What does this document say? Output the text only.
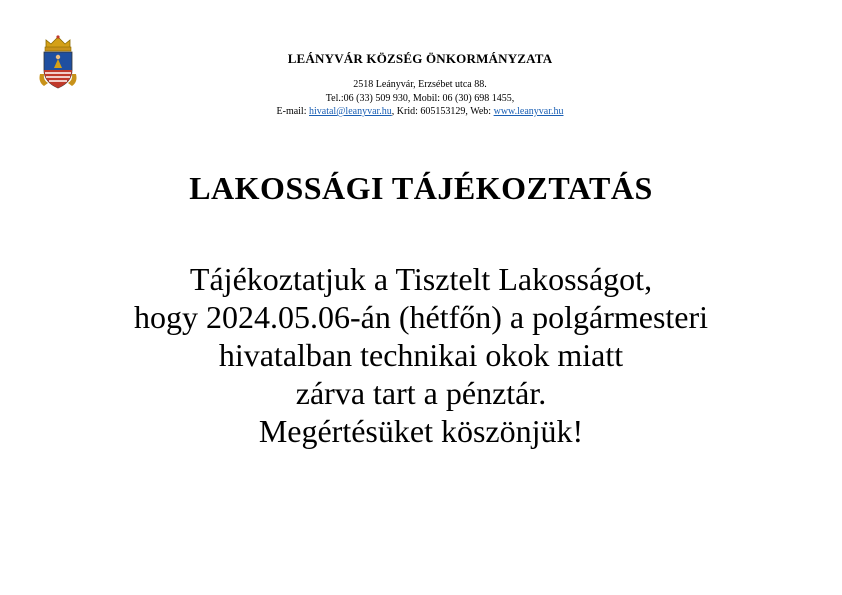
LEÁNYVÁR KÖZSÉG ÖNKORMÁNYZATA
2518 Leányvár, Erzsébet utca 88.
Tel.:06 (33) 509 930, Mobil: 06 (30) 698 1455,
E-mail: hivatal@leanyvar.hu, Krid: 605153129, Web: www.leanyvar.hu
LAKOSSÁGI TÁJÉKOZTATÁS
Tájékoztatjuk a Tisztelt Lakosságot,
hogy 2024.05.06-án (hétfőn) a polgármesteri
hivatalban technikai okok miatt
zárva tart a pénztár.
Megértésüket köszönjük!
